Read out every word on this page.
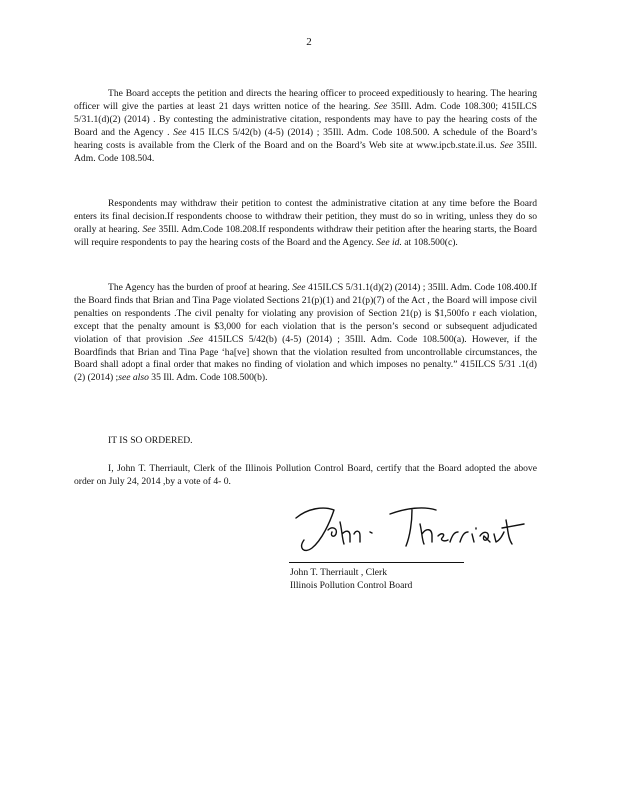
2

The Board accepts the petition and directs the hearing officer to proceed expeditiously to hearing. The hearing officer will give the parties at least 21 days written notice of the hearing. See 35Ill. Adm. Code 108.300; 415ILCS 5/31.1(d)(2) (2014) . By contesting the administrative citation, respondents may have to pay the hearing costs of the Board and the Agency . See 415 ILCS 5/42(b) (4-5) (2014) ; 35Ill. Adm. Code 108.500. A schedule of the Board’s hearing costs is available from the Clerk of the Board and on the Board’s Web site at www.ipcb.state.il.us. See 35Ill. Adm. Code 108.504.

Respondents may withdraw their petition to contest the administrative citation at any time before the Board enters its final decision.If respondents choose to withdraw their petition, they must do so in writing, unless they do so orally at hearing. See 35Ill. Adm.Code 108.208.If respondents withdraw their petition after the hearing starts, the Board will require respondents to pay the hearing costs of the Board and the Agency. See id. at 108.500(c).

The Agency has the burden of proof at hearing. See 415ILCS 5/31.1(d)(2) (2014) ; 35Ill. Adm. Code 108.400.If the Board finds that Brian and Tina Page violated Sections 21(p)(1) and 21(p)(7) of the Act , the Board will impose civil penalties on respondents .The civil penalty for violating any provision of Section 21(p) is $1,500fo r each violation, except that the penalty amount is $3,000 for each violation that is the person’s second or subsequent adjudicated violation of that provision .See 415ILCS 5/42(b) (4-5) (2014) ; 35Ill. Adm. Code 108.500(a). However, if the Boardfinds that Brian and Tina Page ‘ha[ve] shown that the violation resulted from uncontrollable circumstances, the Board shall adopt a final order that makes no finding of violation and which imposes no penalty.” 415ILCS 5/31 .1(d)(2) (2014) ;see also 35 Ill. Adm. Code 108.500(b).

IT IS SO ORDERED.

I, John T. Therriault, Clerk of the Illinois Pollution Control Board, certify that the Board adopted the above order on July 24, 2014 ,by a vote of 4- 0.

John T. Therriault , Clerk
Illinois Pollution Control Board
